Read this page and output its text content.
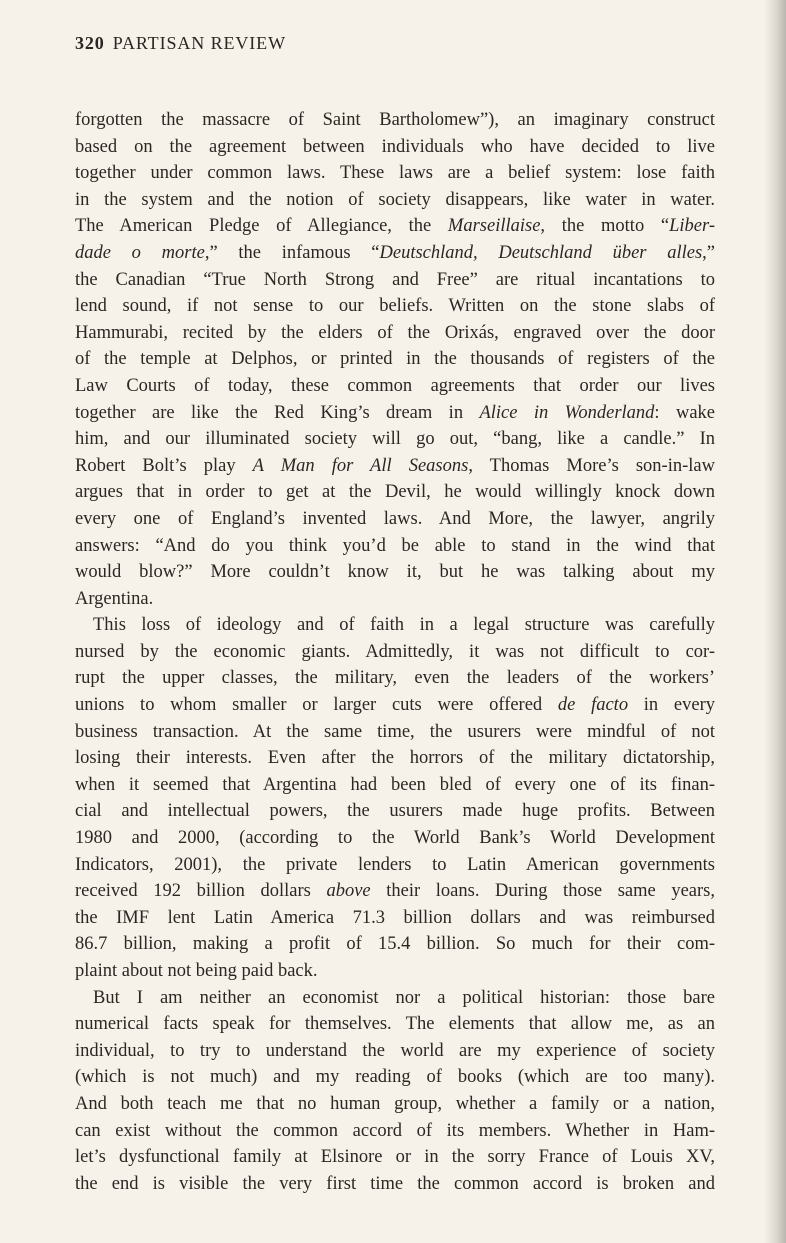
320 PARTISAN REVIEW
forgotten the massacre of Saint Bartholomew”), an imaginary construct
based on the agreement between individuals who have decided to live
together under common laws. These laws are a belief system: lose faith
in the system and the notion of society disappears, like water in water.
The American Pledge of Allegiance, the Marseillaise, the motto “Liber-
dade o morte,” the infamous “Deutschland, Deutschland über alles,”
the Canadian “True North Strong and Free” are ritual incantations to
lend sound, if not sense to our beliefs. Written on the stone slabs of
Hammurabi, recited by the elders of the Orixás, engraved over the door
of the temple at Delphos, or printed in the thousands of registers of the
Law Courts of today, these common agreements that order our lives
together are like the Red King’s dream in Alice in Wonderland: wake
him, and our illuminated society will go out, “bang, like a candle.” In
Robert Bolt’s play A Man for All Seasons, Thomas More’s son-in-law
argues that in order to get at the Devil, he would willingly knock down
every one of England’s invented laws. And More, the lawyer, angrily
answers: “And do you think you’d be able to stand in the wind that
would blow?” More couldn’t know it, but he was talking about my
Argentina.
This loss of ideology and of faith in a legal structure was carefully
nursed by the economic giants. Admittedly, it was not difficult to cor-
rupt the upper classes, the military, even the leaders of the workers’
unions to whom smaller or larger cuts were offered de facto in every
business transaction. At the same time, the usurers were mindful of not
losing their interests. Even after the horrors of the military dictatorship,
when it seemed that Argentina had been bled of every one of its finan-
cial and intellectual powers, the usurers made huge profits. Between
1980 and 2000, (according to the World Bank’s World Development
Indicators, 2001), the private lenders to Latin American governments
received 192 billion dollars above their loans. During those same years,
the IMF lent Latin America 71.3 billion dollars and was reimbursed
86.7 billion, making a profit of 15.4 billion. So much for their com-
plaint about not being paid back.
But I am neither an economist nor a political historian: those bare
numerical facts speak for themselves. The elements that allow me, as an
individual, to try to understand the world are my experience of society
(which is not much) and my reading of books (which are too many).
And both teach me that no human group, whether a family or a nation,
can exist without the common accord of its members. Whether in Ham-
let’s dysfunctional family at Elsinore or in the sorry France of Louis XV,
the end is visible the very first time the common accord is broken and
